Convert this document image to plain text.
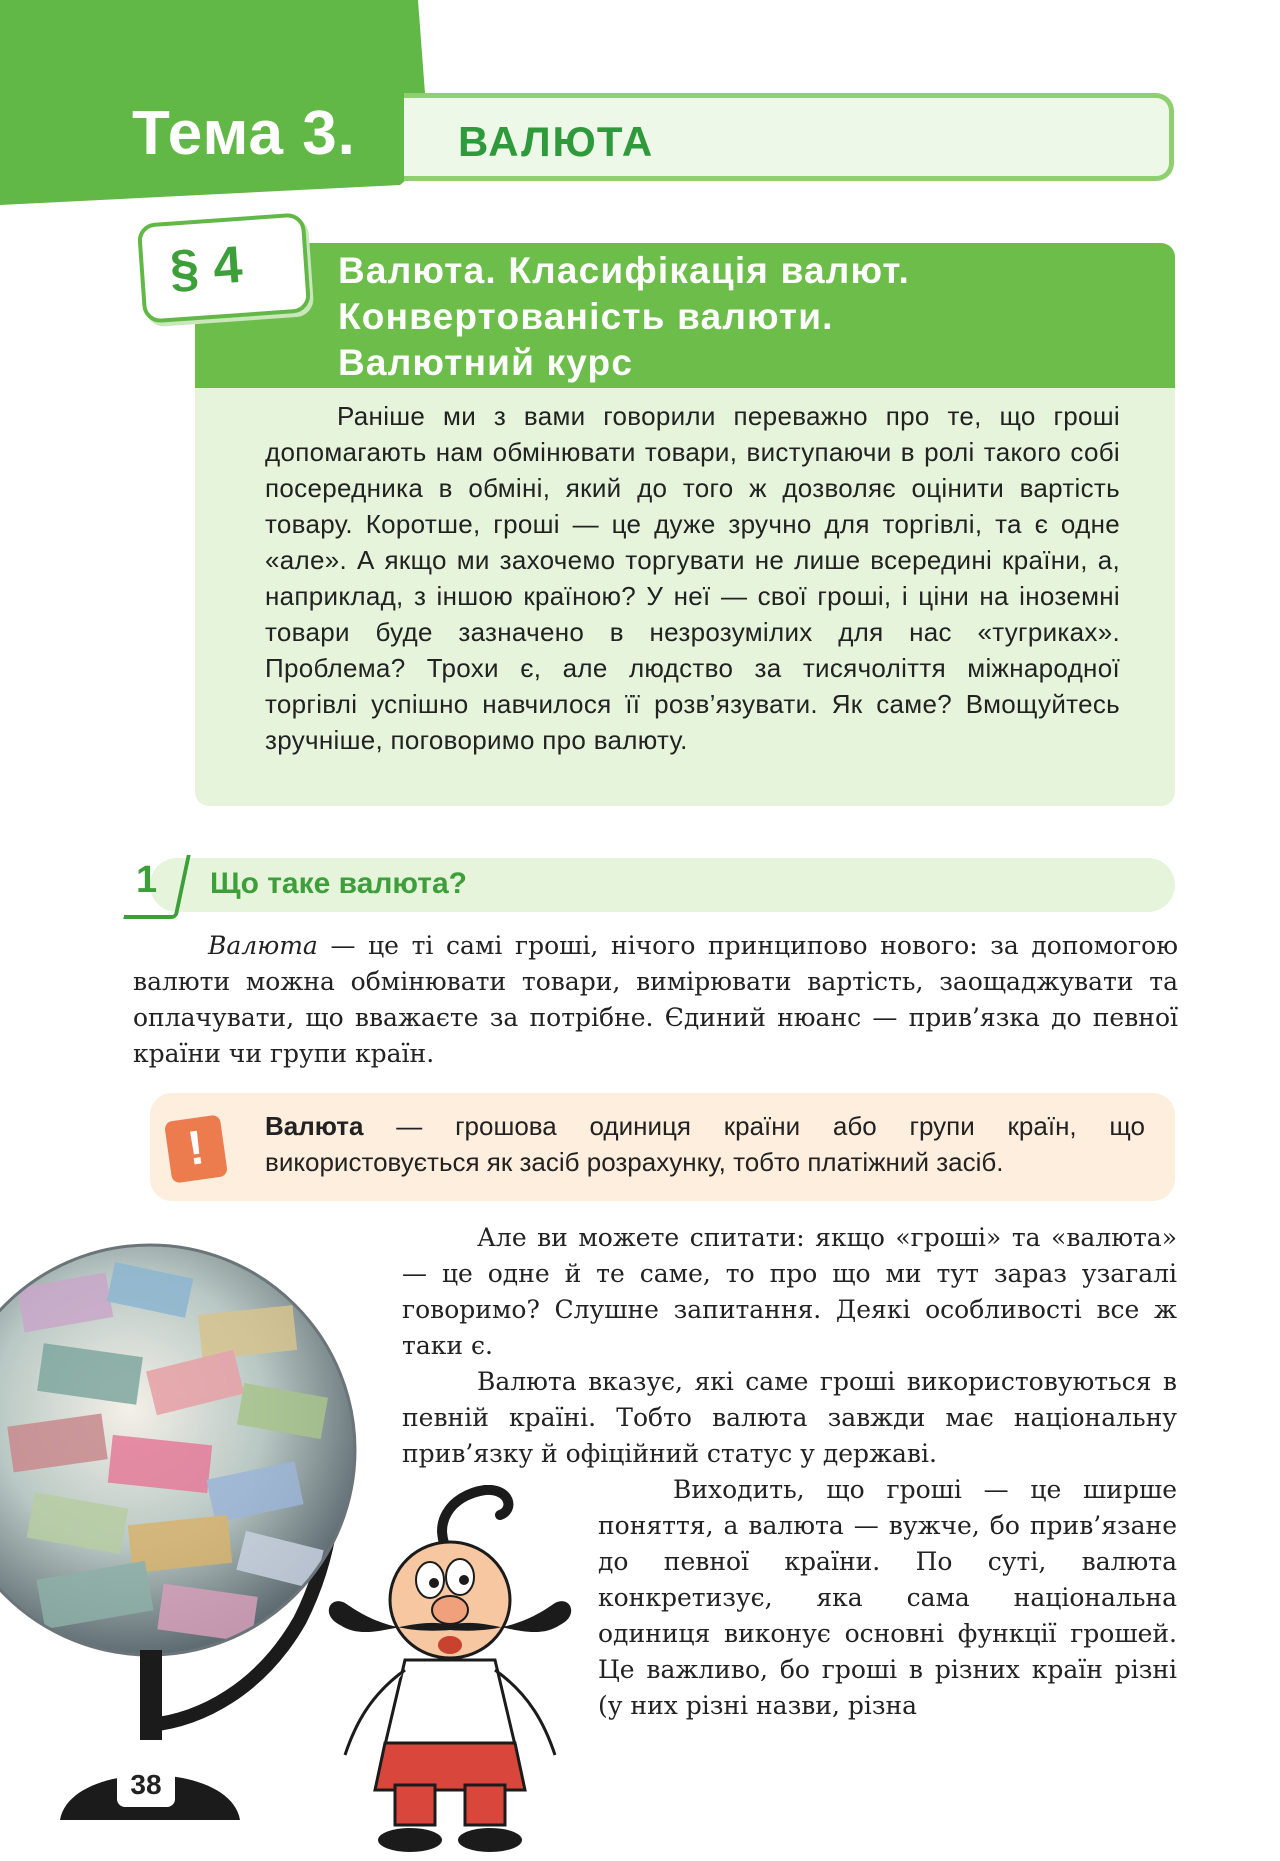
Тема 3. ВАЛЮТА
§ 4	Валюта. Класифікація валют.
Конвертованість валюти.
Валютний курс
Раніше ми з вами говорили переважно про те, що гроші допомагають нам обмінювати товари, виступаючи в ролі такого собі посередника в обміні, який до того ж дозволяє оцінити вартість товару. Коротше, гроші — це дуже зручно для торгівлі, та є одне «але». А якщо ми захочемо торгувати не лише всередині країни, а, наприклад, з іншою країною? У неї — свої гроші, і ціни на іноземні товари буде зазначено в незрозумілих для нас «тугриках». Проблема? Трохи є, але людство за тисячоліття міжнародної торгівлі успішно навчилося її розв’язувати. Як саме? Вмощуйтесь зручніше, поговоримо про валюту.
1 Що таке валюта?
Валюта — це ті самі гроші, нічого принципово нового: за допомогою валюти можна обмінювати товари, вимірювати вартість, заощаджувати та оплачувати, що вважаєте за потрібне. Єдиний нюанс — прив’язка до певної країни чи групи країн.
!	Валюта — грошова одиниця країни або групи країн, що використовується як засіб розрахунку, тобто платіжний засіб.
Але ви можете спитати: якщо «гроші» та «валюта» — це одне й те саме, то про що ми тут зараз узагалі говоримо? Слушне запитання. Деякі особливості все ж таки є.
Валюта вказує, які саме гроші використовуються в певній країні. Тобто валюта завжди має національну прив’язку й офіційний статус у державі.
Виходить, що гроші — це ширше поняття, а валюта — вужче, бо прив’язане до певної країни. По суті, валюта конкретизує, яка сама національна одиниця виконує основні функції грошей. Це важливо, бо гроші в різних країн різні (у них різні назви, різна
38
